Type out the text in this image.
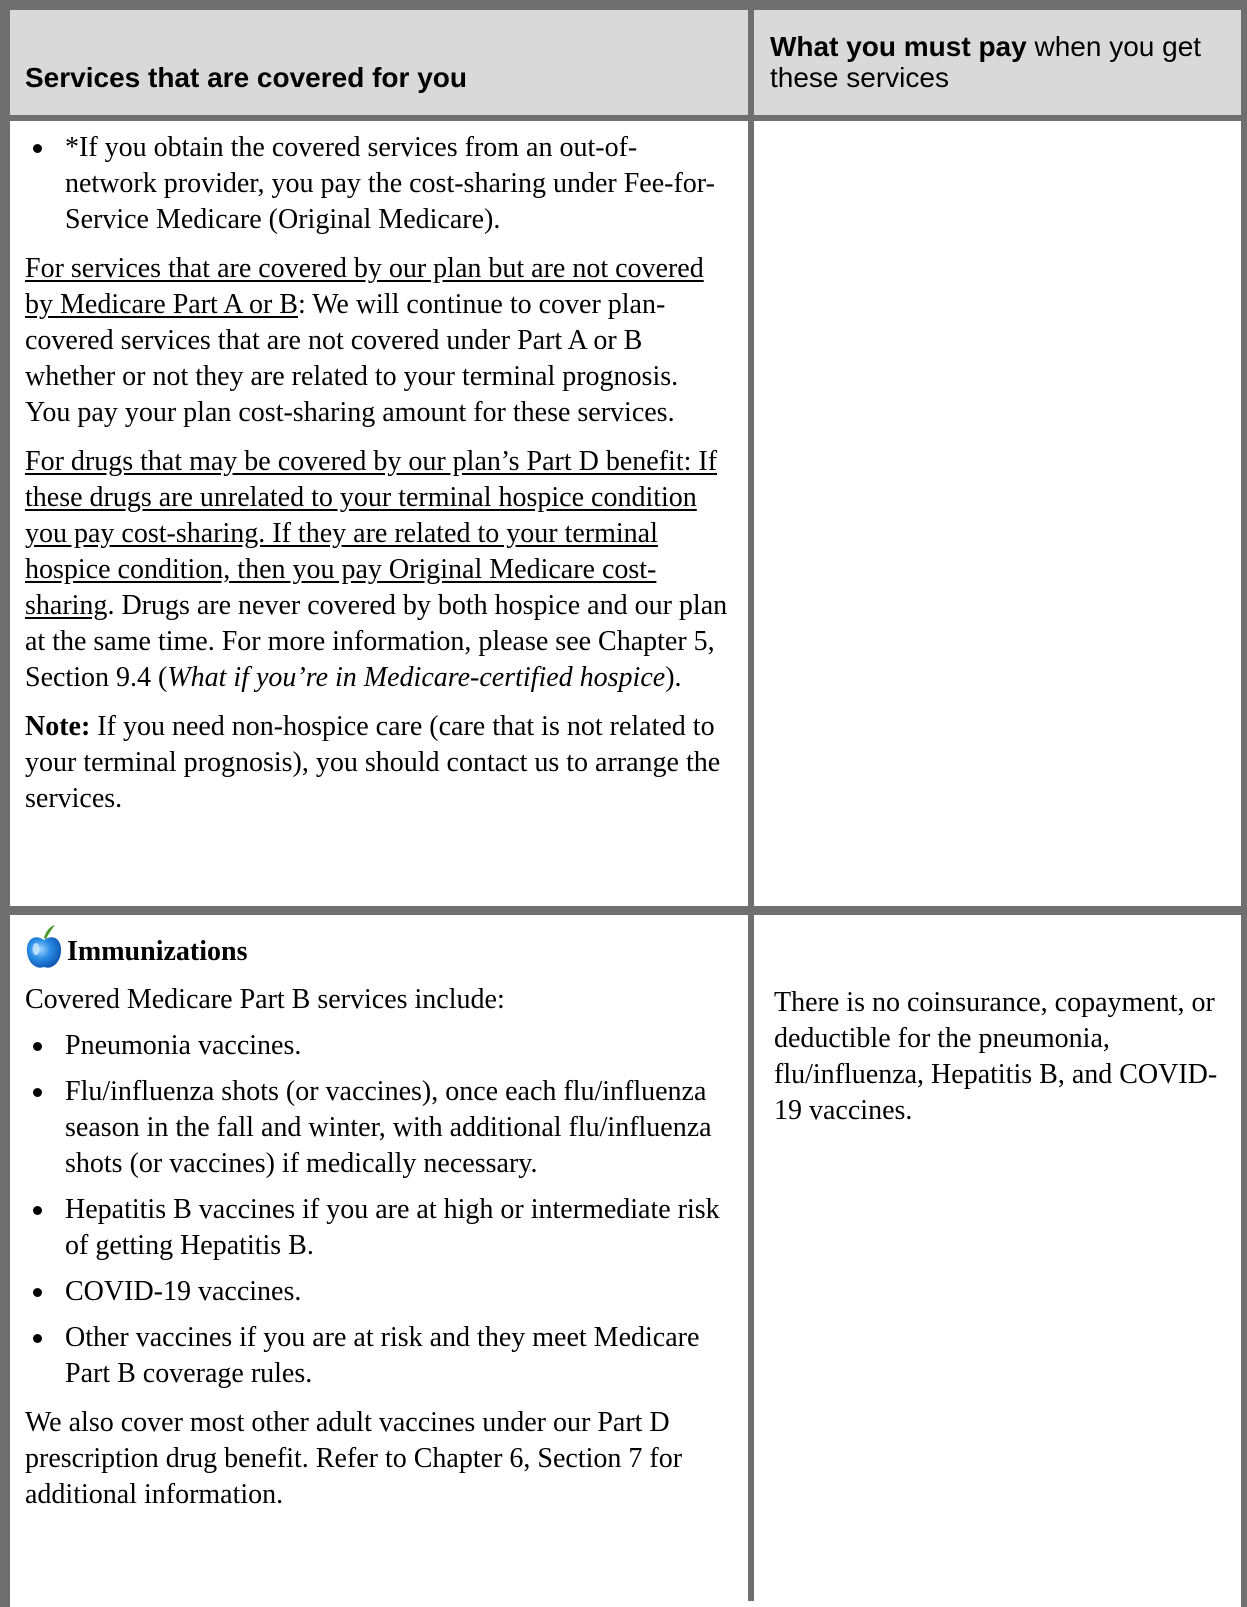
Services that are covered for you
What you must pay when you get these services
*If you obtain the covered services from an out-of-network provider, you pay the cost-sharing under Fee-for-Service Medicare (Original Medicare).

For services that are covered by our plan but are not covered by Medicare Part A or B: We will continue to cover plan-covered services that are not covered under Part A or B whether or not they are related to your terminal prognosis. You pay your plan cost-sharing amount for these services.

For drugs that may be covered by our plan’s Part D benefit: If these drugs are unrelated to your terminal hospice condition you pay cost-sharing. If they are related to your terminal hospice condition, then you pay Original Medicare cost-sharing. Drugs are never covered by both hospice and our plan at the same time. For more information, please see Chapter 5, Section 9.4 (What if you’re in Medicare-certified hospice).

Note: If you need non-hospice care (care that is not related to your terminal prognosis), you should contact us to arrange the services.

Immunizations

Covered Medicare Part B services include:

Pneumonia vaccines.
Flu/influenza shots (or vaccines), once each flu/influenza season in the fall and winter, with additional flu/influenza shots (or vaccines) if medically necessary.
Hepatitis B vaccines if you are at high or intermediate risk of getting Hepatitis B.
COVID-19 vaccines.
Other vaccines if you are at risk and they meet Medicare Part B coverage rules.

We also cover most other adult vaccines under our Part D prescription drug benefit. Refer to Chapter 6, Section 7 for additional information.

There is no coinsurance, copayment, or deductible for the pneumonia, flu/influenza, Hepatitis B, and COVID-19 vaccines.
